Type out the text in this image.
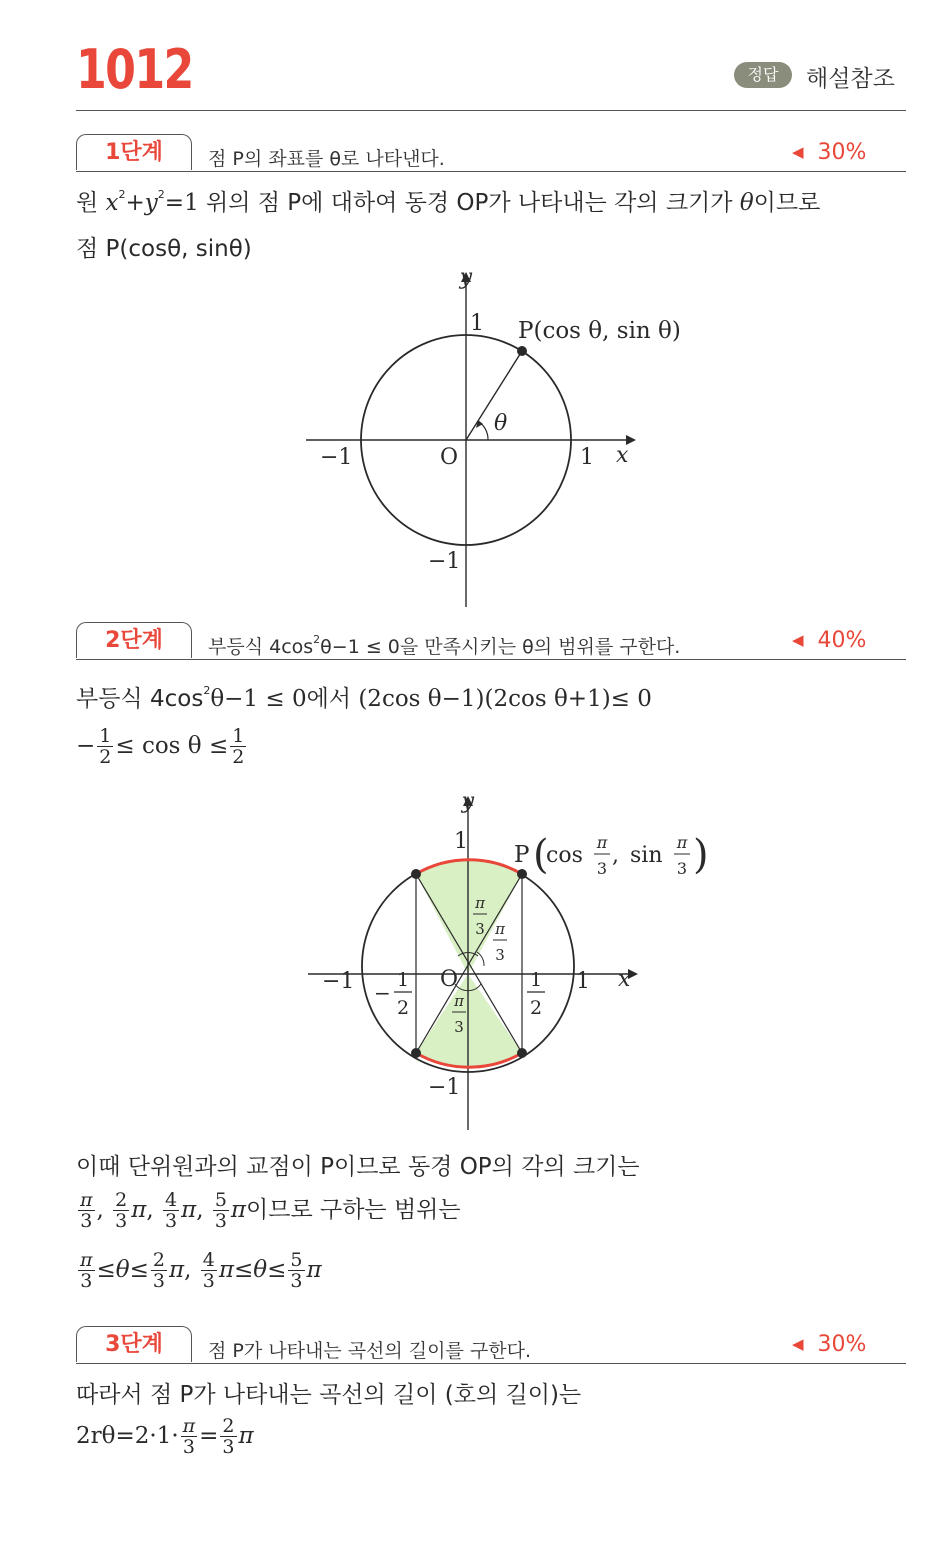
1012	정답	해설참조
1단계	점 P의 좌표를 θ로 나타낸다.	◀ 30%
원 $x^2+y^2=1$ 위의 점 P에 대하여 동경 OP가 나타내는 각의 크기가 θ이므로
점 P(cosθ, sinθ)
y
x
O	1
−1
1
−1
P(cos θ, sin θ)
θ
2단계	부등식 $4\cos^2\theta-1 \le 0$을 만족시키는 θ의 범위를 구한다.	◀ 40%
부등식 $4\cos^2\theta-1 \le 0$에서 (2cos θ−1)(2cos θ+1)≤ 0
− $\frac{1}{2} \le \cos \theta \le \frac{1}{2}$
y
x
O	1
−1
1
−1
−
1
2
1
2
π
3 π
3
π
3
P (
cos
π
3
, sin
π
3 )
이때 단위원과의 교점이 P이므로 동경 OP의 각의 크기는
$\frac{\pi}{3}$ , $\frac{2}{3} \pi$, $\frac{4}{3} \pi$, $\frac{5}{3}$ π이므로 구하는 범위는
$\frac{\pi}{3} \le\theta\le \frac{2}{3} \pi$, $\frac{4}{3} \pi\le\theta\le \frac{5}{3}$ π
3단계	점 P가 나타내는 곡선의 길이를 구한다.	◀ 30%
따라서 점 P가 나타내는 곡선의 길이 (호의 길이)는
$2r\theta=2\cdot 1\cdot \frac{\pi}{3} = \frac{2}{3}$ π
